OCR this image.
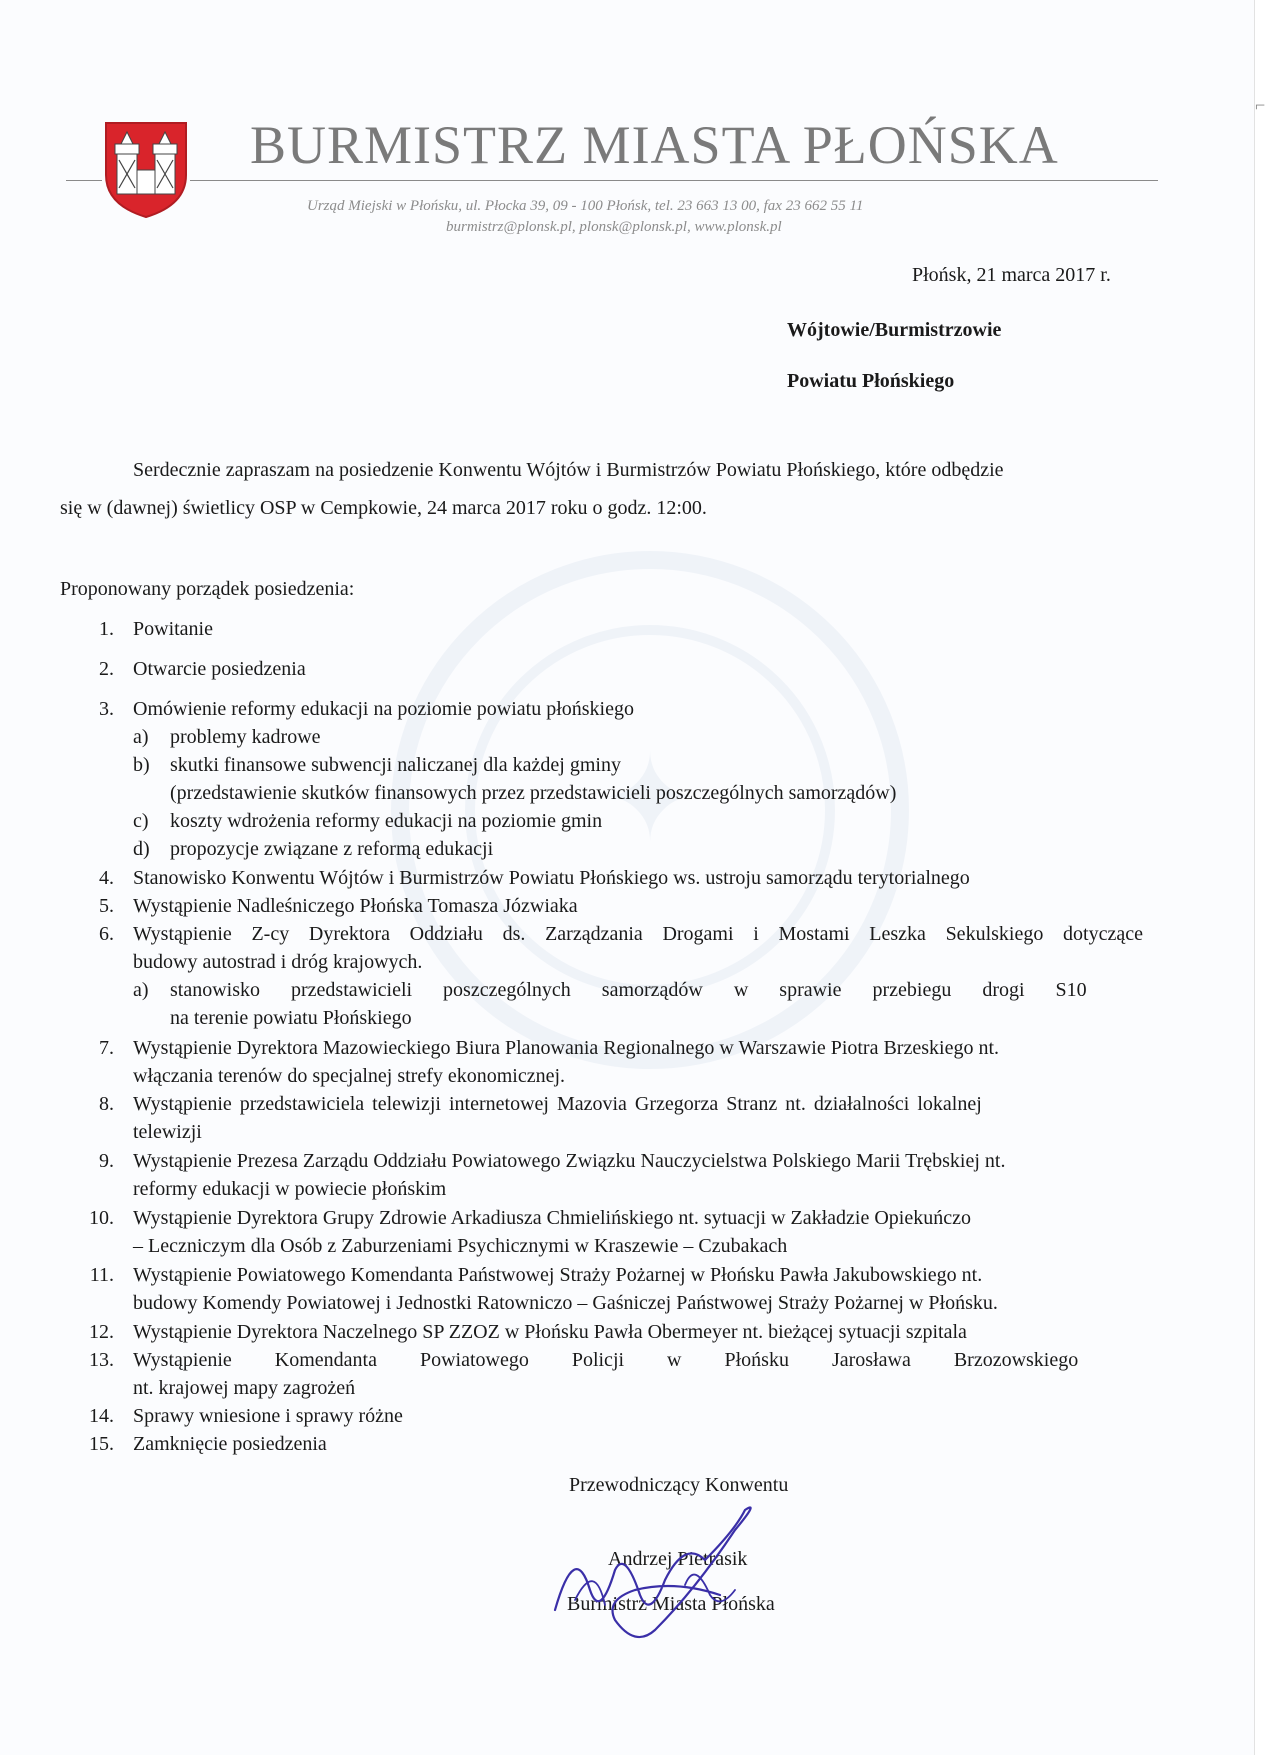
✦
BURMISTRZ MIASTA PŁOŃSKA
Urząd Miejski w Płońsku, ul. Płocka 39, 09 - 100 Płońsk, tel. 23 663 13 00, fax 23 662 55 11
burmistrz@plonsk.pl, plonsk@plonsk.pl, www.plonsk.pl
Płońsk, 21 marca 2017 r.
Wójtowie/Burmistrzowie
Powiatu Płońskiego
Serdecznie zapraszam na posiedzenie Konwentu Wójtów i Burmistrzów Powiatu Płońskiego, które odbędzie
się w (dawnej) świetlicy OSP w Cempkowie, 24 marca 2017 roku o godz. 12:00.
Proponowany porządek posiedzenia:
1. Powitanie
2. Otwarcie posiedzenia
3. Omówienie reformy edukacji na poziomie powiatu płońskiego
a) problemy kadrowe
b) skutki finansowe subwencji naliczanej dla każdej gminy
(przedstawienie skutków finansowych przez przedstawicieli poszczególnych samorządów)
c) koszty wdrożenia reformy edukacji na poziomie gmin
d) propozycje związane z reformą edukacji
4. Stanowisko Konwentu Wójtów i Burmistrzów Powiatu Płońskiego ws. ustroju samorządu terytorialnego
5. Wystąpienie Nadleśniczego Płońska Tomasza Józwiaka
6. Wystąpienie Z-cy Dyrektora Oddziału ds. Zarządzania Drogami i Mostami Leszka Sekulskiego dotyczące
budowy autostrad i dróg krajowych.
a) stanowisko przedstawicieli poszczególnych samorządów w sprawie przebiegu drogi S10
na terenie powiatu Płońskiego
7. Wystąpienie Dyrektora Mazowieckiego Biura Planowania Regionalnego w Warszawie Piotra Brzeskiego nt.
włączania terenów do specjalnej strefy ekonomicznej.
8. Wystąpienie przedstawiciela telewizji internetowej Mazovia Grzegorza Stranz nt. działalności lokalnej
telewizji
9. Wystąpienie Prezesa Zarządu Oddziału Powiatowego Związku Nauczycielstwa Polskiego Marii Trębskiej nt.
reformy edukacji w powiecie płońskim
10. Wystąpienie Dyrektora Grupy Zdrowie Arkadiusza Chmielińskiego nt. sytuacji w Zakładzie Opiekuńczo
– Leczniczym dla Osób z Zaburzeniami Psychicznymi w Kraszewie – Czubakach
11. Wystąpienie Powiatowego Komendanta Państwowej Straży Pożarnej w Płońsku Pawła Jakubowskiego nt.
budowy Komendy Powiatowej i Jednostki Ratowniczo – Gaśniczej Państwowej Straży Pożarnej w Płońsku.
12. Wystąpienie Dyrektora Naczelnego SP ZZOZ w Płońsku Pawła Obermeyer nt. bieżącej sytuacji szpitala
13. Wystąpienie Komendanta Powiatowego Policji w Płońsku Jarosława Brzozowskiego
nt. krajowej mapy zagrożeń
14. Sprawy wniesione i sprawy różne
15. Zamknięcie posiedzenia
Przewodniczący Konwentu
Andrzej Pietrasik
Burmistrz Miasta Płońska
⌐
